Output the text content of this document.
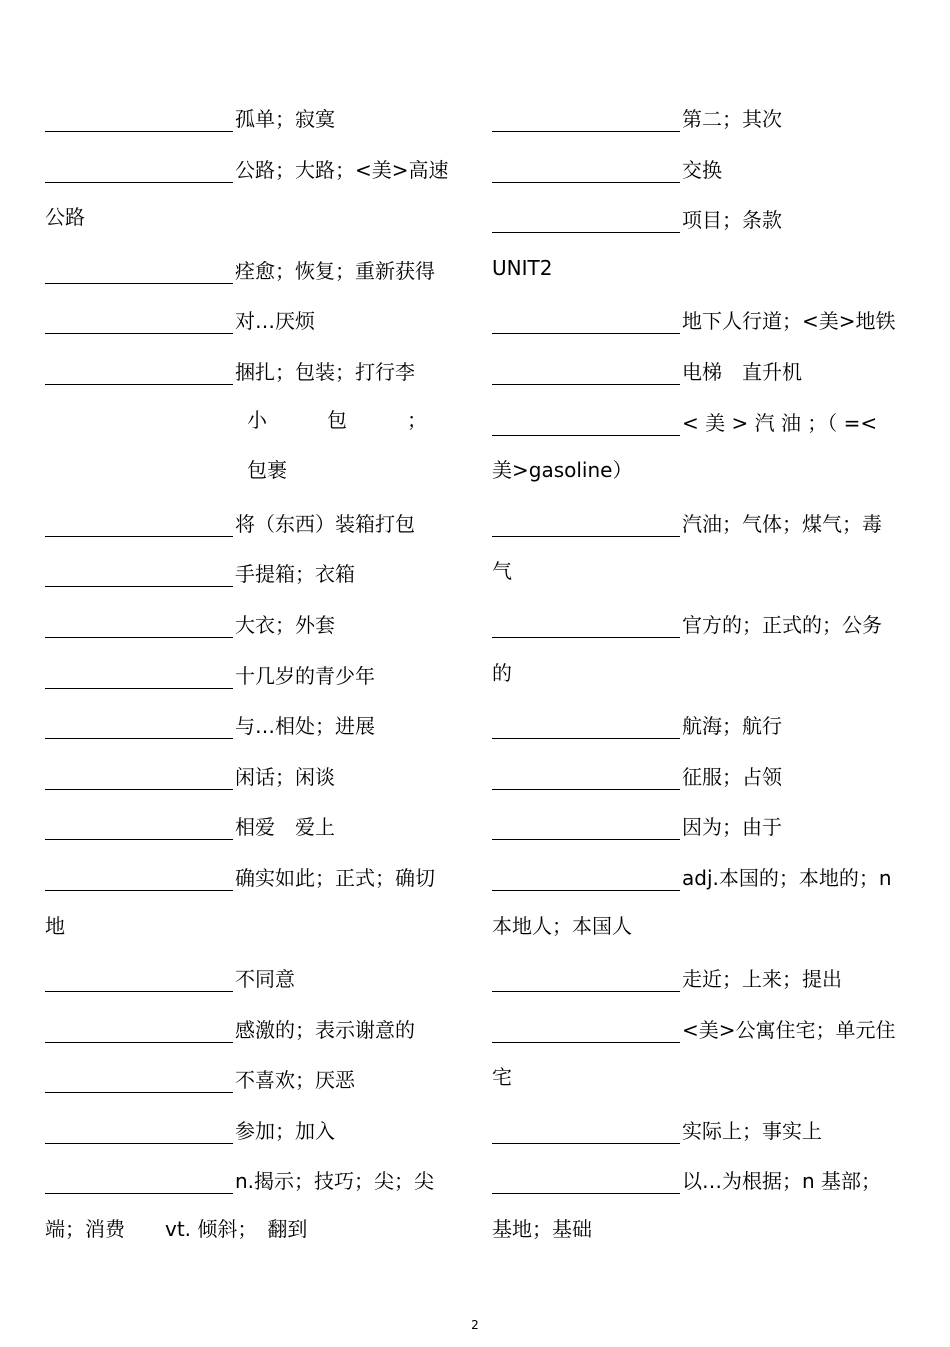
孤单；寂寞
公路；大路；<美>高速
公路
痊愈；恢复；重新获得
对…厌烦
捆扎；包装；打行李
小　　　包　　　；
包裹
将（东西）装箱打包
手提箱；衣箱
大衣；外套
十几岁的青少年
与…相处；进展
闲话；闲谈
相爱　爱上
确实如此；正式；确切
地
不同意
感激的；表示谢意的
不喜欢；厌恶
参加；加入
n.揭示；技巧；尖；尖
端；消费　　vt. 倾斜；　翻到
第二；其次
交换
项目；条款
UNIT2
地下人行道；<美>地铁
电梯　直升机
< 美 > 汽 油 ；（ =<
美>gasoline）
汽油；气体；煤气；毒
气
官方的；正式的；公务
的
航海；航行
征服；占领
因为；由于
adj.本国的；本地的；n
本地人；本国人
走近；上来；提出
<美>公寓住宅；单元住
宅
实际上；事实上
以…为根据；n 基部；
基地；基础
2
